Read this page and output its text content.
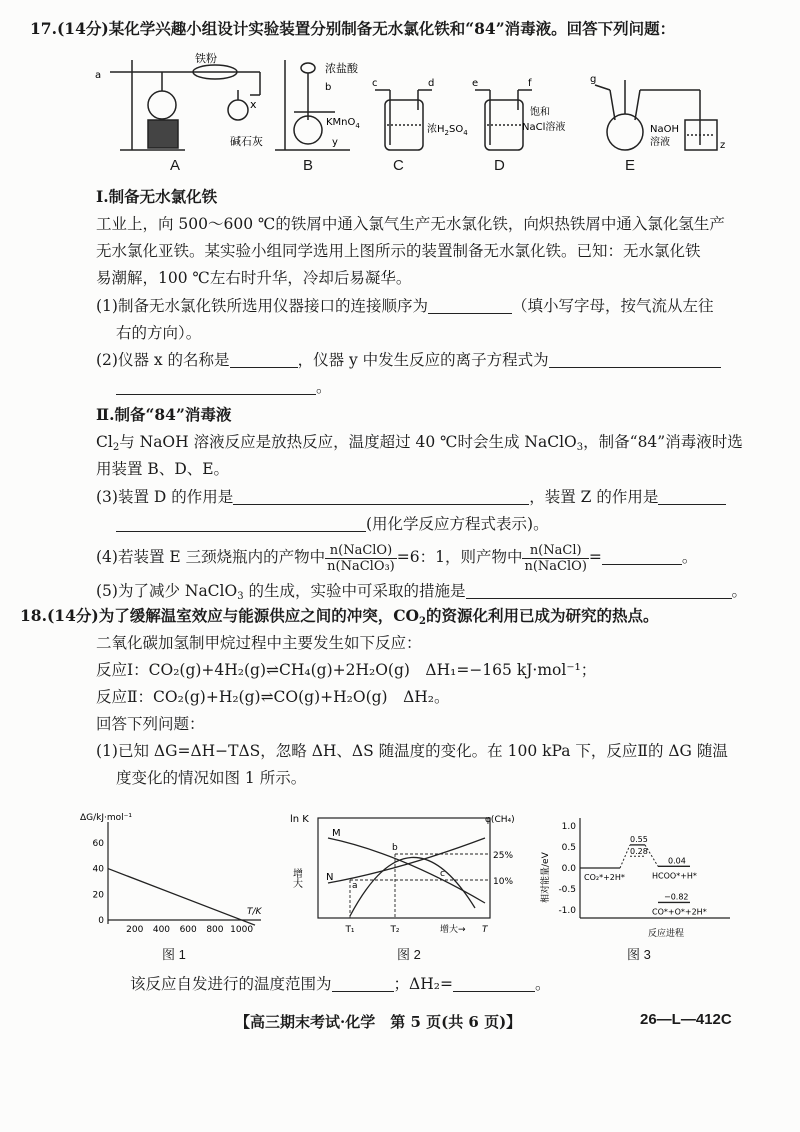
17.(14分)某化学兴趣小组设计实验装置分别制备无水氯化铁和“84”消毒液。回答下列问题：
a
铁粉
x
碱石灰
浓盐酸
b
KMnO$_4$
y
c	d
浓$H_2SO_4$
e	f
饱和
NaCl溶液
g
NaOH
溶液	z
A	B	C	D	E
Ⅰ.制备无水氯化铁
工业上，向 500～600 ℃的铁屑中通入氯气生产无水氯化铁，向炽热铁屑中通入氯化氢生产
无水氯化亚铁。某实验小组同学选用上图所示的装置制备无水氯化铁。已知：无水氯化铁
易潮解，100 ℃左右时升华，冷却后易凝华。
(1)制备无水氯化铁所选用仪器接口的连接顺序为	（填小写字母，按气流从左往
右的方向）。
(2)仪器 x 的名称是	，仪器 y 中发生反应的离子方程式为
。
Ⅱ.制备“84”消毒液
$Cl_2$与 NaOH 溶液反应是放热反应，温度超过 40 ℃时会生成 NaClO$_3$，制备“84”消毒液时选
用装置 B、D、E。
(3)装置 D 的作用是	，装置 Z 的作用是
(用化学反应方程式表示)。
(4)若装置 E 三颈烧瓶内的产物中 $\frac{\text{n(NaClO)}}{\text{n(NaClO₃)}} =6$：1，则产物中 $\frac{\text{n(NaCl)}}{\text{n(NaClO)}}$ =	。
(5)为了减少 NaClO$_3$ 的生成，实验中可采取的措施是	。
18.(14分)为了缓解温室效应与能源供应之间的冲突，$CO_2$的资源化利用已成为研究的热点。
二氧化碳加氢制甲烷过程中主要发生如下反应：
反应Ⅰ：CO₂(g)+4H₂(g)⇌CH₄(g)+2H₂O(g)　ΔH₁=−165 kJ·mol⁻¹；
反应Ⅱ：CO₂(g)+H₂(g)⇌CO(g)+H₂O(g)　ΔH₂。
回答下列问题：
(1)已知 ΔG=ΔH−TΔS，忽略 ΔH、ΔS 随温度的变化。在 100 kPa 下，反应Ⅱ的 ΔG 随温
度变化的情况如图 1 所示。
ΔG/kJ·mol⁻¹
T/K
60
40
20
0
200 400 600 800 1000
图 1
ln K
增大
φ(CH₄)
25%
10%
T₁	T₂	增大→ T
M
N
a
b
c
图 2
相对能量/eV
1.0
0.5
0.0
-0.5
-1.0
反应进程
CO₂*+2H*
0.55
0.28
0.04
HCOO*+H*
−0.82
CO*+O*+2H*
图 3
该反应自发进行的温度范围为	；ΔH₂=	。
【高三期末考试·化学　第 5 页(共 6 页)】	26—L—412C
